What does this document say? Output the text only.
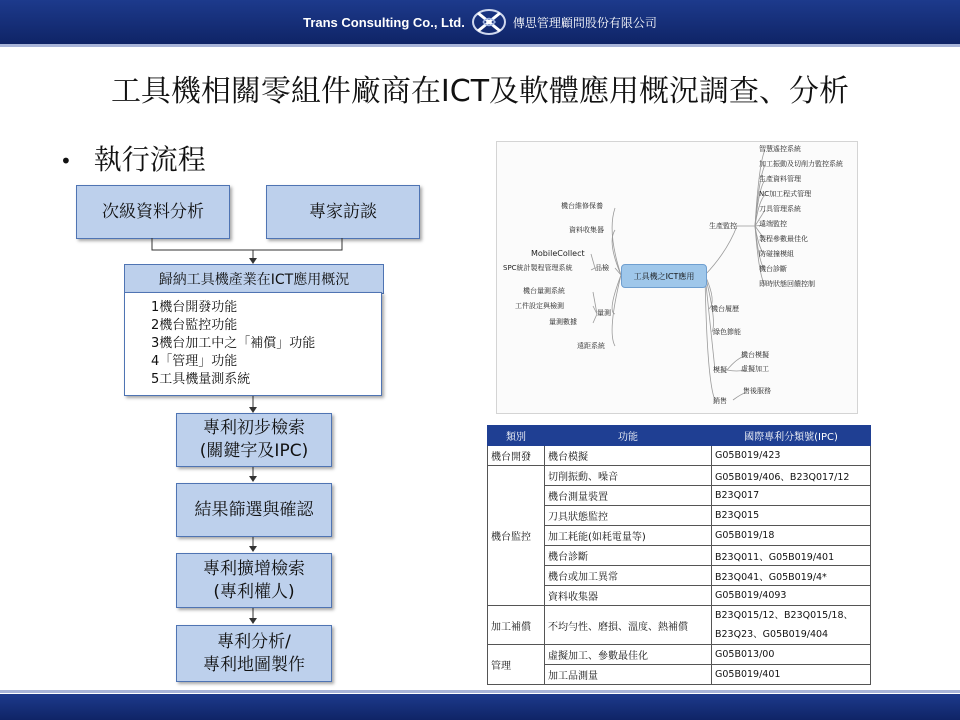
Trans Consulting Co., Ltd.	傳思管理顧問股份有限公司
工具機相關零組件廠商在ICT及軟體應用概況調查、分析
• 執行流程
次級資料分析	專家訪談
歸納工具機產業在ICT應用概況
1機台開發功能
2機台監控功能
3機台加工中之「補償」功能
4「管理」功能
5工具機量測系統
專利初步檢索
(關鍵字及IPC)
結果篩選與確認
專利擴增檢索
(專利權人)
專利分析/
專利地圖製作
工具機之ICT應用
機台維修保養
資料收集器
MobileCollect
SPC統計製程管理系統	品檢
機台量測系統
工件設定與檢測
量測數據
量測
遠距系統
生產監控
智慧遙控系統
加工振動及切削力監控系統
生產資料管理
NC加工程式管理
刀具管理系統
遠端監控
製程參數最佳化
防碰撞模組
機台診斷
即時狀態回饋控制
機台履歷
綠色節能
模擬
機台模擬
虛擬加工
銷售
售後服務
類別	功能	國際專利分類號(IPC)
機台開發	機台模擬	G05B019/423
機台監控	切削振動、噪音	G05B019/406、B23Q017/12
	機台測量裝置	B23Q017
	刀具狀態監控	B23Q015
	加工耗能(如耗電量等)	G05B019/18
	機台診斷	B23Q011、G05B019/401
	機台或加工異常	B23Q041、G05B019/4*
	資料收集器	G05B019/4093
加工補償	不均勻性、磨損、溫度、熱補償	B23Q015/12、B23Q015/18、
B23Q23、G05B019/404

管理	虛擬加工、參數最佳化	G05B013/00
	加工品測量	G05B019/401
